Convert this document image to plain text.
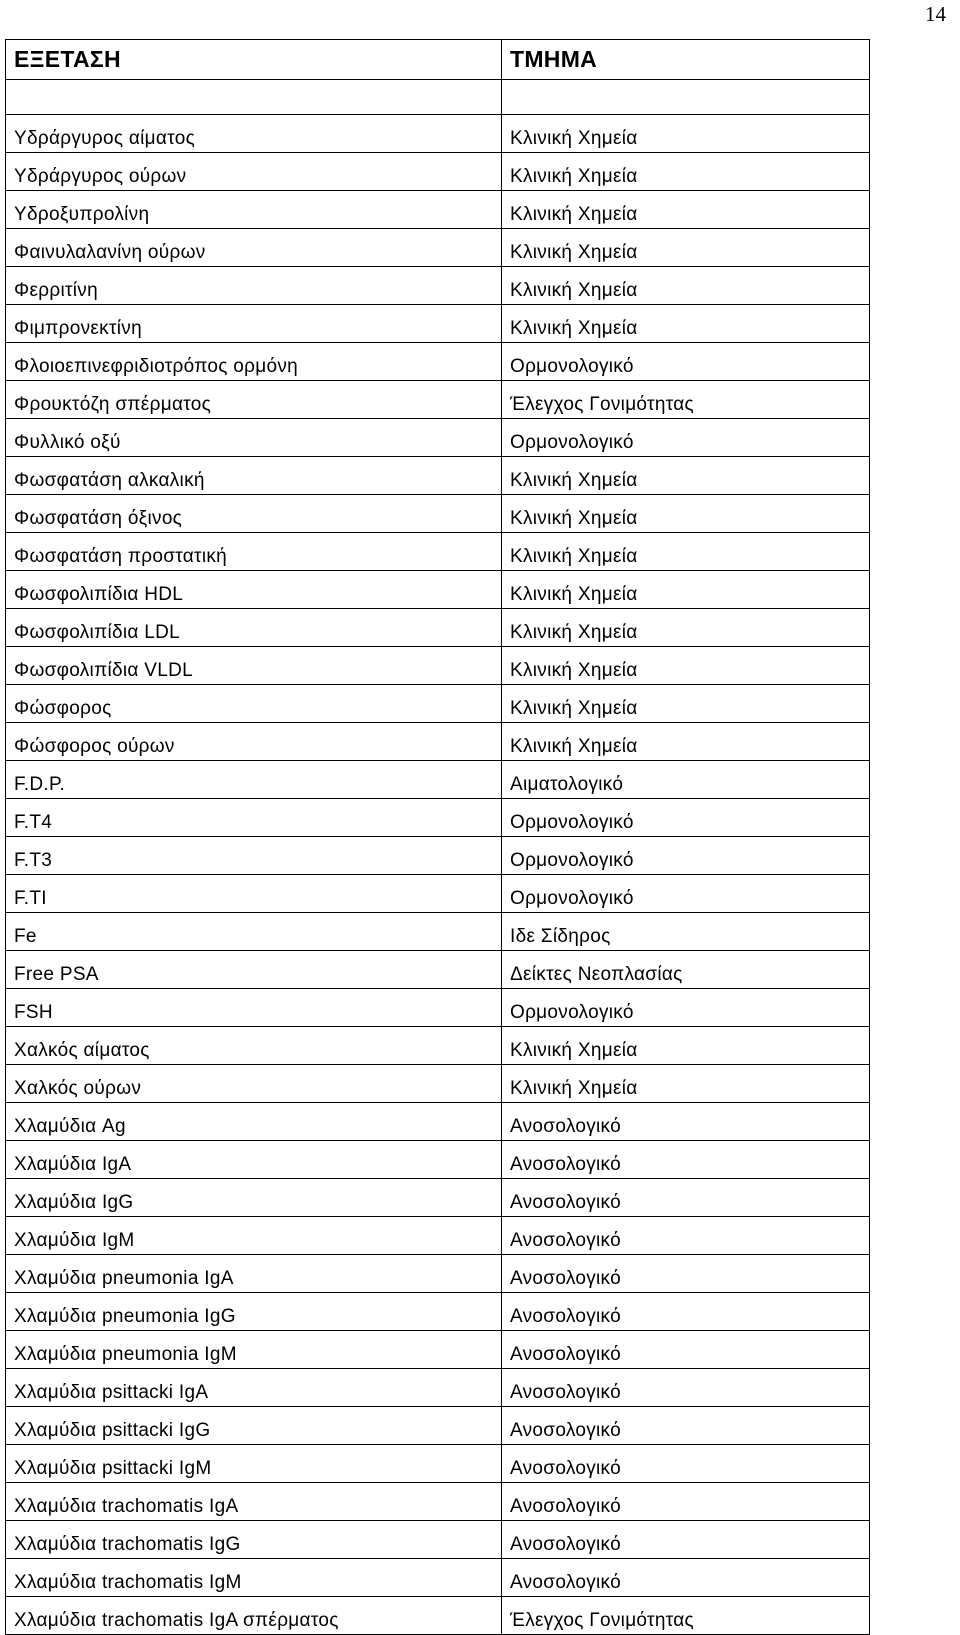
14
ΕΞΕΤΑΣΗ	ΤΜΗΜΑ

Υδράργυρος αίματος	Κλινική Χημεία
Υδράργυρος ούρων	Κλινική Χημεία
Υδροξυπρολίνη	Κλινική Χημεία
Φαινυλαλανίνη ούρων	Κλινική Χημεία
Φερριτίνη	Κλινική Χημεία
Φιμπρονεκτίνη	Κλινική Χημεία
Φλοιοεπινεφριδιοτρόπος ορμόνη	Ορμονολογικό
Φρουκτόζη σπέρματος	Έλεγχος Γονιμότητας
Φυλλικό οξύ	Ορμονολογικό
Φωσφατάση αλκαλική	Κλινική Χημεία
Φωσφατάση όξινος	Κλινική Χημεία
Φωσφατάση προστατική	Κλινική Χημεία
Φωσφολιπίδια HDL	Κλινική Χημεία
Φωσφολιπίδια LDL	Κλινική Χημεία
Φωσφολιπίδια VLDL	Κλινική Χημεία
Φώσφορος	Κλινική Χημεία
Φώσφορος ούρων	Κλινική Χημεία
F.D.P.	Αιματολογικό
F.T4	Ορμονολογικό
F.T3	Ορμονολογικό
F.TI	Ορμονολογικό
Fe	Ιδε Σίδηρος
Free PSA	Δείκτες Νεοπλασίας
FSH	Ορμονολογικό
Χαλκός αίματος	Κλινική Χημεία
Χαλκός ούρων	Κλινική Χημεία
Χλαμύδια Ag	Ανοσολογικό
Χλαμύδια IgA	Ανοσολογικό
Χλαμύδια IgG	Ανοσολογικό
Χλαμύδια IgM	Ανοσολογικό
Χλαμύδια pneumonia IgA	Ανοσολογικό
Χλαμύδια pneumonia IgG	Ανοσολογικό
Χλαμύδια pneumonia IgM	Ανοσολογικό
Χλαμύδια psittacki IgA	Ανοσολογικό
Χλαμύδια psittacki IgG	Ανοσολογικό
Χλαμύδια psittacki IgM	Ανοσολογικό
Χλαμύδια trachomatis IgA	Ανοσολογικό
Χλαμύδια trachomatis IgG	Ανοσολογικό
Χλαμύδια trachomatis IgM	Ανοσολογικό
Χλαμύδια trachomatis IgA σπέρματος	Έλεγχος Γονιμότητας
